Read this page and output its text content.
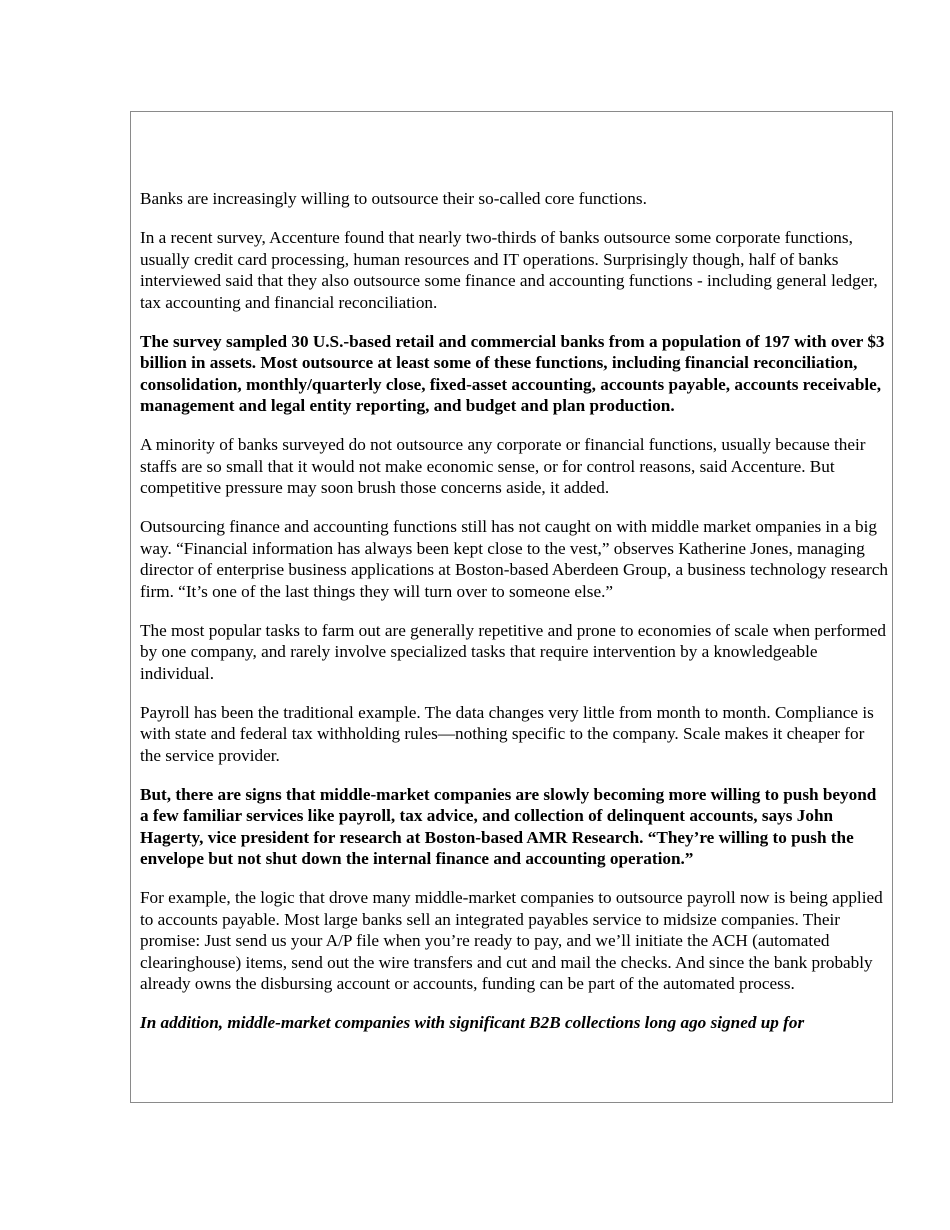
Banks are increasingly willing to outsource their so-called core functions.

In a recent survey, Accenture found that nearly two-thirds of banks outsource some corporate functions, usually credit card processing, human resources and IT operations. Surprisingly though, half of banks interviewed said that they also outsource some finance and accounting functions - including general ledger, tax accounting and financial reconciliation.

The survey sampled 30 U.S.-based retail and commercial banks from a population of 197 with over $3 billion in assets. Most outsource at least some of these functions, including financial reconciliation, consolidation, monthly/quarterly close, fixed-asset accounting, accounts payable, accounts receivable, management and legal entity reporting, and budget and plan production.

A minority of banks surveyed do not outsource any corporate or financial functions, usually because their staffs are so small that it would not make economic sense, or for control reasons, said Accenture. But competitive pressure may soon brush those concerns aside, it added.

Outsourcing finance and accounting functions still has not caught on with middle market ompanies in a big way. “Financial information has always been kept close to the vest,” observes Katherine Jones, managing director of enterprise business applications at Boston-based Aberdeen Group, a business technology research firm. “It’s one of the last things they will turn over to someone else.”

The most popular tasks to farm out are generally repetitive and prone to economies of scale when performed by one company, and rarely involve specialized tasks that require intervention by a knowledgeable individual.

Payroll has been the traditional example. The data changes very little from month to month. Compliance is with state and federal tax withholding rules—nothing specific to the company. Scale makes it cheaper for the service provider.

But, there are signs that middle-market companies are slowly becoming more willing to push beyond a few familiar services like payroll, tax advice, and collection of delinquent accounts, says John Hagerty, vice president for research at Boston-based AMR Research. “They’re willing to push the envelope but not shut down the internal finance and accounting operation.”

For example, the logic that drove many middle-market companies to outsource payroll now is being applied to accounts payable. Most large banks sell an integrated payables service to midsize companies. Their promise: Just send us your A/P file when you’re ready to pay, and we’ll initiate the ACH (automated clearinghouse) items, send out the wire transfers and cut and mail the checks. And since the bank probably already owns the disbursing account or accounts, funding can be part of the automated process.

In addition, middle-market companies with significant B2B collections long ago signed up for
